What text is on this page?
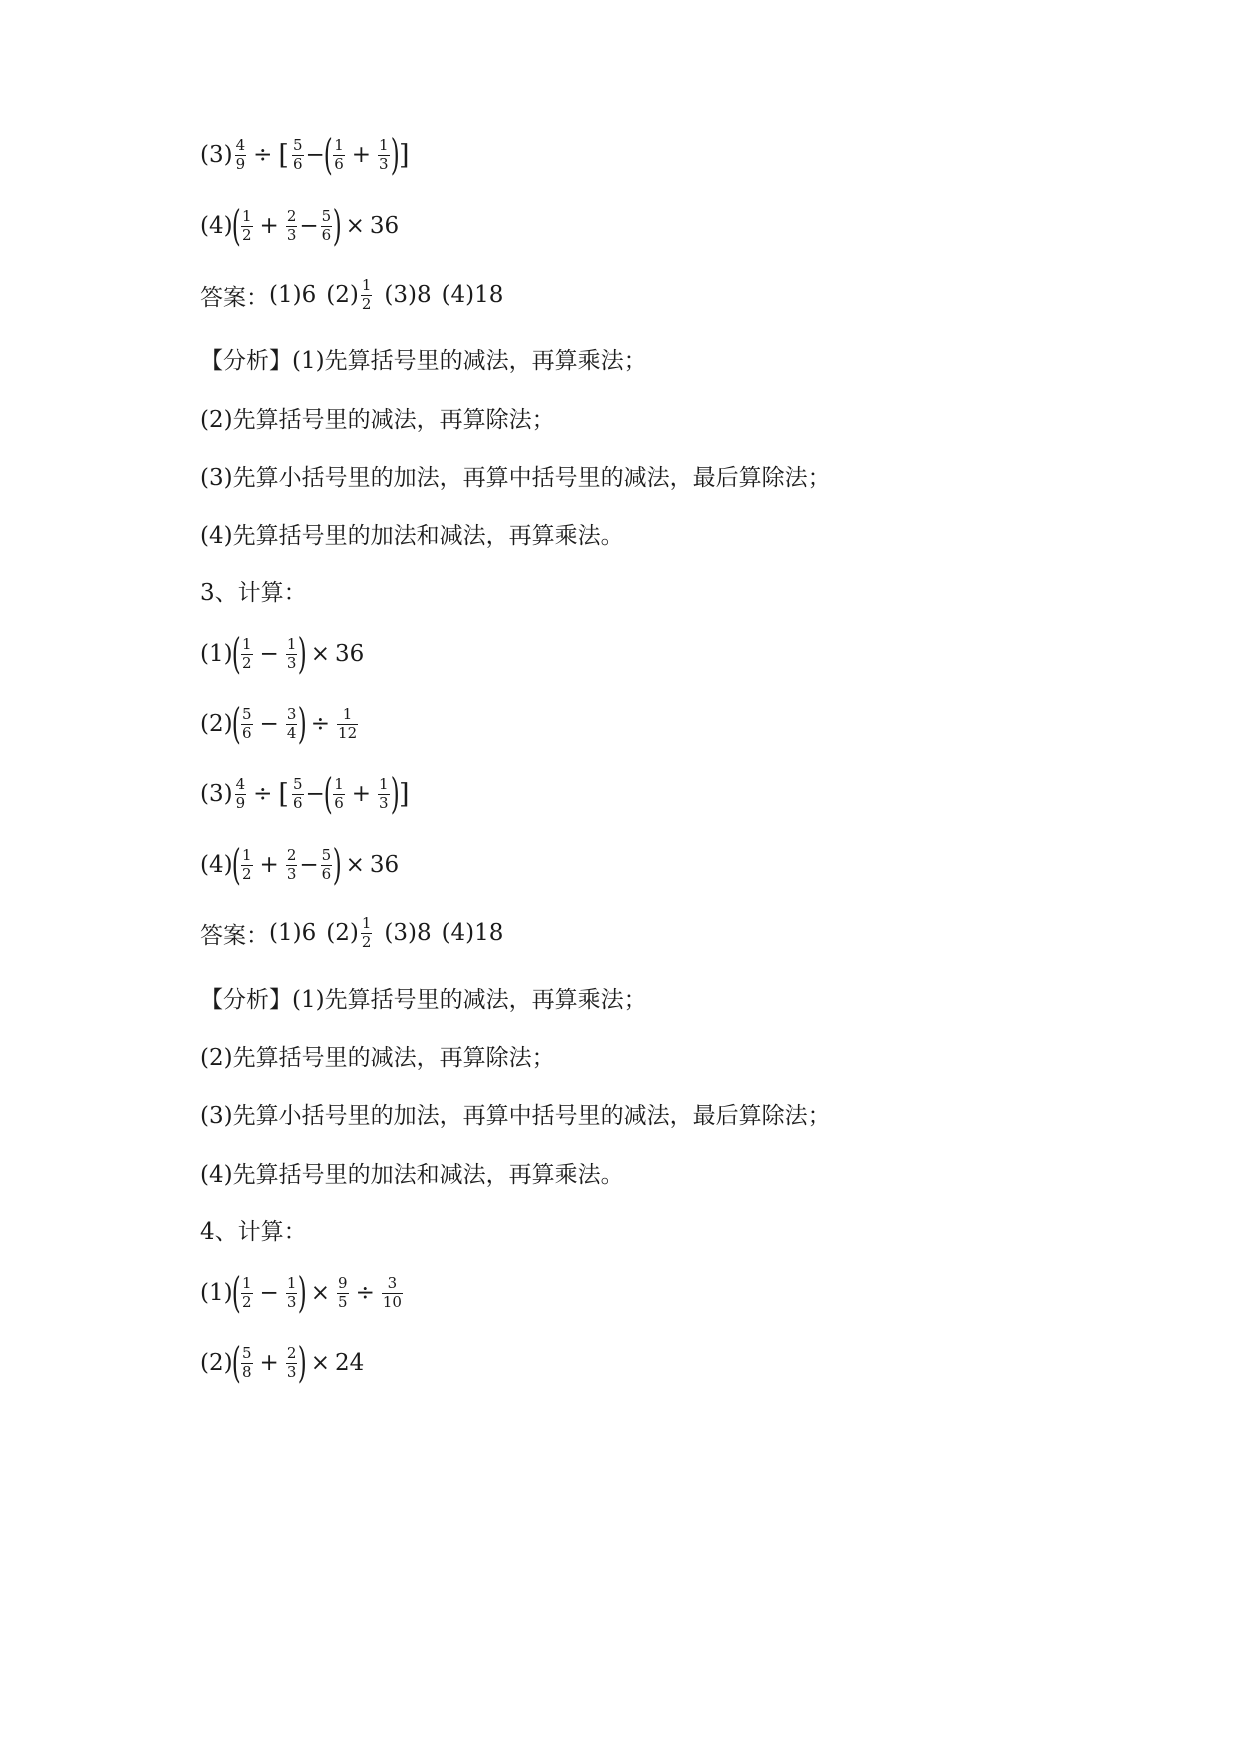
$(3) \frac{4}{9}$ ÷ [ $\frac{5}{6}$ −
( $\frac{1}{6} + \frac{1}{3}$ ) ]
(4)
( $\frac{1}{2} + \frac{2}{3} - \frac{5}{6}$ ) × 36
答案： (1)6 $(2) \frac{1}{2} (3)8$ (4)18
【分析】(1)先算括号里的减法，再算乘法；
(2)先算括号里的减法，再算除法；
(3)先算小括号里的加法，再算中括号里的减法，最后算除法；
(4)先算括号里的加法和减法，再算乘法。
3、计算：
(1)
( $\frac{1}{2} - \frac{1}{3}$ ) × 36
(2)
( $\frac{5}{6} - \frac{3}{4}$ ) ÷ $\frac{1}{12}$
$(3) \frac{4}{9}$ ÷ [ $\frac{5}{6}$ −
( $\frac{1}{6} + \frac{1}{3}$ ) ]
(4)
( $\frac{1}{2} + \frac{2}{3} - \frac{5}{6}$ ) × 36
答案： (1)6 $(2) \frac{1}{2} (3)8$ (4)18
【分析】(1)先算括号里的减法，再算乘法；
(2)先算括号里的减法，再算除法；
(3)先算小括号里的加法，再算中括号里的减法，最后算除法；
(4)先算括号里的加法和减法，再算乘法。
4、计算：
(1)
( $\frac{1}{2} - \frac{1}{3}$ ) × $\frac{9}{5} \div \frac{3}{10}$
(2)
( $\frac{5}{8} + \frac{2}{3}$ ) × 24
